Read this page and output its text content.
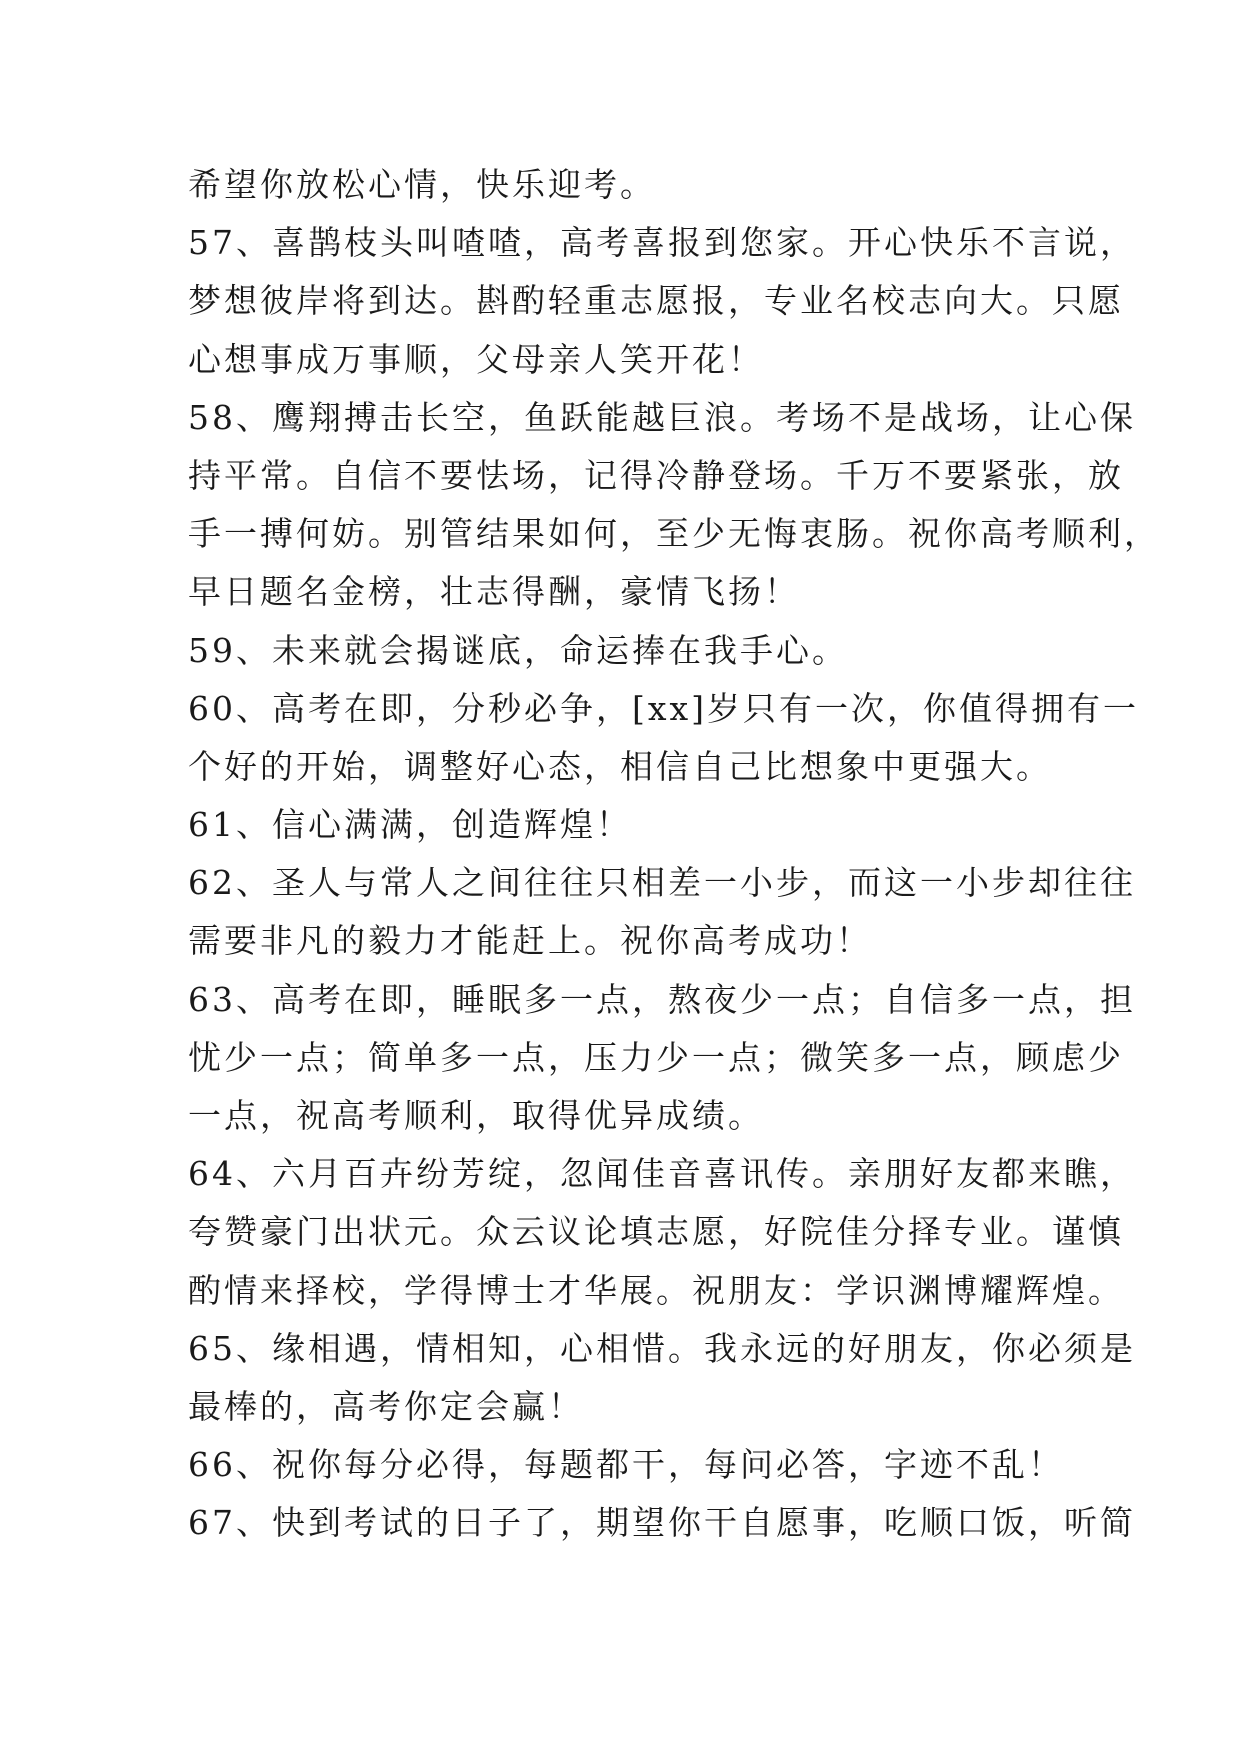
希望你放松心情，快乐迎考。
57、喜鹊枝头叫喳喳，高考喜报到您家。开心快乐不言说，
梦想彼岸将到达。斟酌轻重志愿报，专业名校志向大。只愿
心想事成万事顺，父母亲人笑开花！
58、鹰翔搏击长空，鱼跃能越巨浪。考场不是战场，让心保
持平常。自信不要怯场，记得冷静登场。千万不要紧张，放
手一搏何妨。别管结果如何，至少无悔衷肠。祝你高考顺利，
早日题名金榜，壮志得酬，豪情飞扬！
59、未来就会揭谜底，命运捧在我手心。
60、高考在即，分秒必争，[xx]岁只有一次，你值得拥有一
个好的开始，调整好心态，相信自己比想象中更强大。
61、信心满满，创造辉煌！
62、圣人与常人之间往往只相差一小步，而这一小步却往往
需要非凡的毅力才能赶上。祝你高考成功！
63、高考在即，睡眠多一点，熬夜少一点；自信多一点，担
忧少一点；简单多一点，压力少一点；微笑多一点，顾虑少
一点，祝高考顺利，取得优异成绩。
64、六月百卉纷芳绽，忽闻佳音喜讯传。亲朋好友都来瞧，
夸赞豪门出状元。众云议论填志愿，好院佳分择专业。谨慎
酌情来择校，学得博士才华展。祝朋友：学识渊博耀辉煌。
65、缘相遇，情相知，心相惜。我永远的好朋友，你必须是
最棒的，高考你定会赢！
66、祝你每分必得，每题都干，每问必答，字迹不乱！
67、快到考试的日子了，期望你干自愿事，吃顺口饭，听简
